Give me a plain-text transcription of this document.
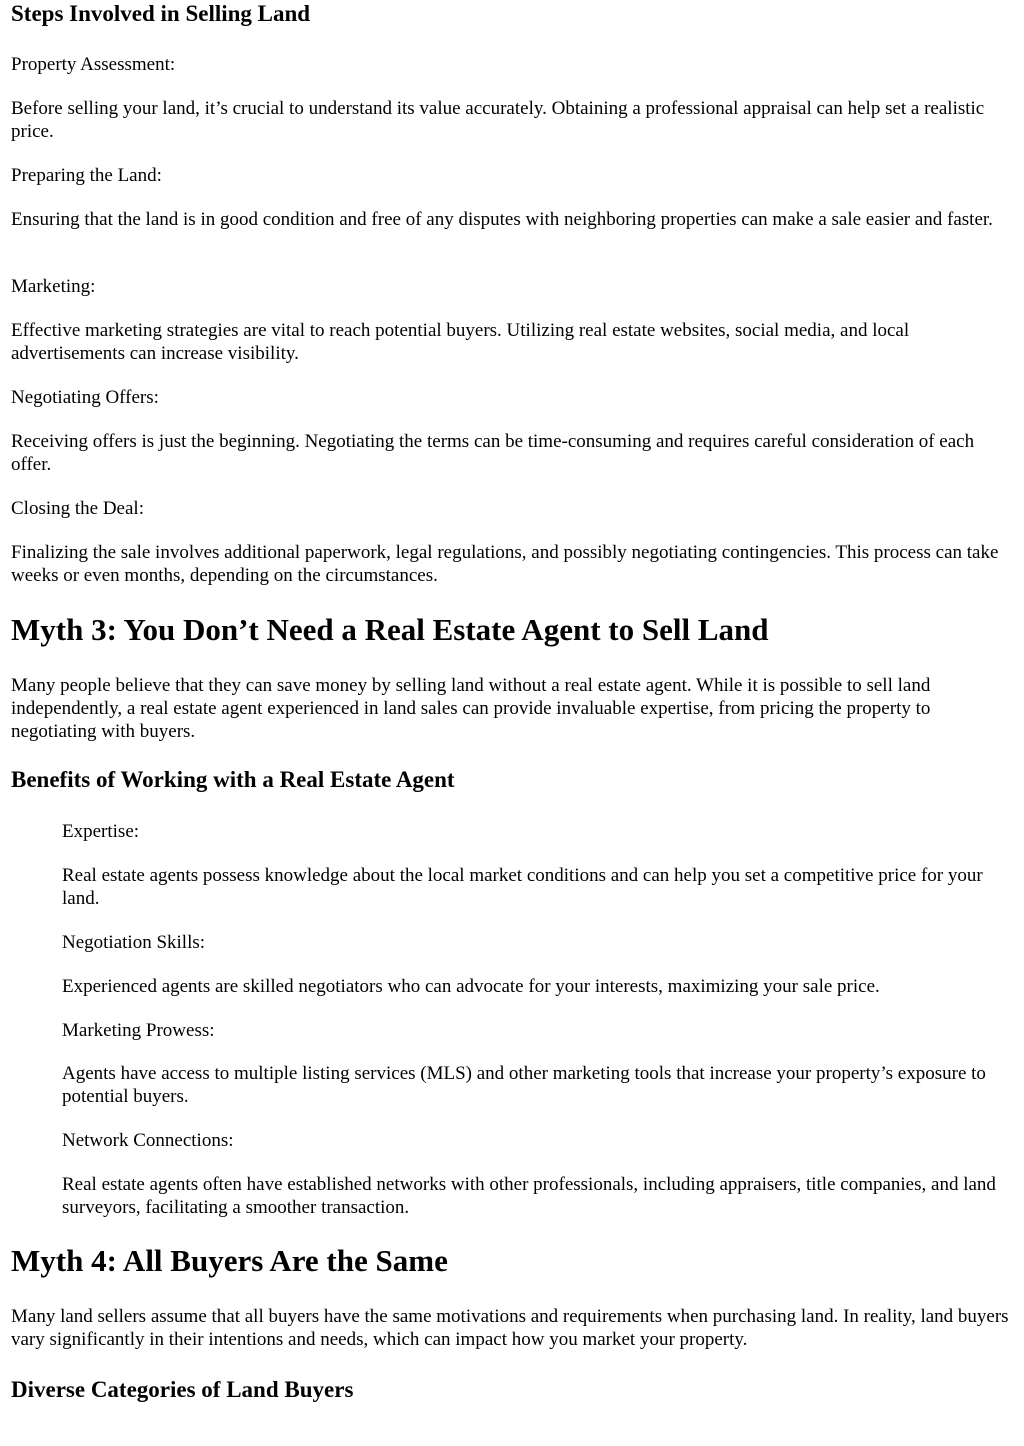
Steps Involved in Selling Land

Property Assessment:

Before selling your land, it’s crucial to understand its value accurately. Obtaining a professional appraisal can help set a realistic price.

Preparing the Land:

Ensuring that the land is in good condition and free of any disputes with neighboring properties can make a sale easier and faster.

Marketing:

Effective marketing strategies are vital to reach potential buyers. Utilizing real estate websites, social media, and local advertisements can increase visibility.

Negotiating Offers:

Receiving offers is just the beginning. Negotiating the terms can be time-consuming and requires careful consideration of each offer.

Closing the Deal:

Finalizing the sale involves additional paperwork, legal regulations, and possibly negotiating contingencies. This process can take weeks or even months, depending on the circumstances.

Myth 3: You Don’t Need a Real Estate Agent to Sell Land

Many people believe that they can save money by selling land without a real estate agent. While it is possible to sell land independently, a real estate agent experienced in land sales can provide invaluable expertise, from pricing the property to negotiating with buyers.

Benefits of Working with a Real Estate Agent

Expertise:

Real estate agents possess knowledge about the local market conditions and can help you set a competitive price for your land.

Negotiation Skills:

Experienced agents are skilled negotiators who can advocate for your interests, maximizing your sale price.

Marketing Prowess:

Agents have access to multiple listing services (MLS) and other marketing tools that increase your property’s exposure to potential buyers.

Network Connections:

Real estate agents often have established networks with other professionals, including appraisers, title companies, and land surveyors, facilitating a smoother transaction.

Myth 4: All Buyers Are the Same

Many land sellers assume that all buyers have the same motivations and requirements when purchasing land. In reality, land buyers vary significantly in their intentions and needs, which can impact how you market your property.

Diverse Categories of Land Buyers
